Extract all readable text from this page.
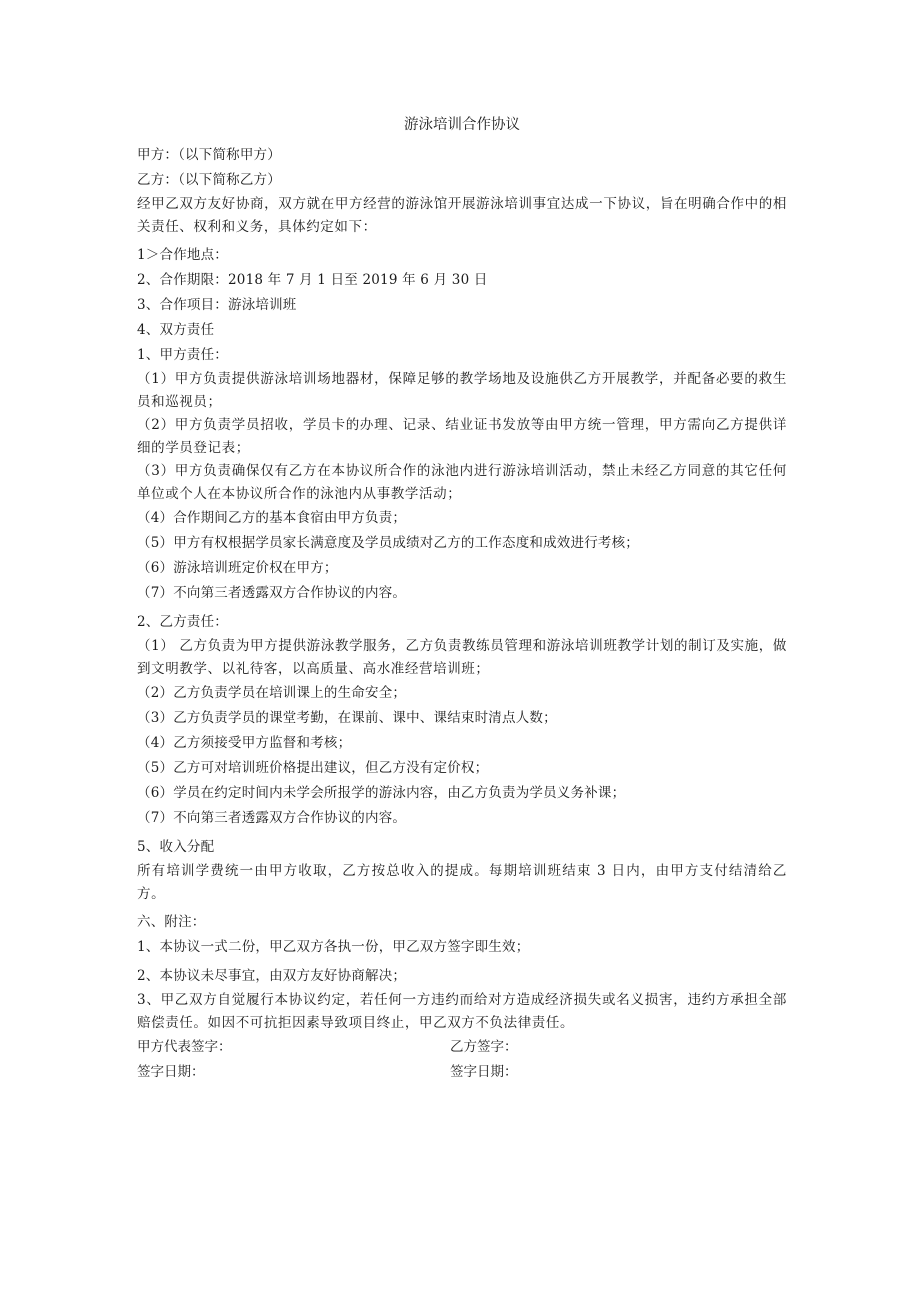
游泳培训合作协议

甲方：（以下简称甲方）

乙方：（以下简称乙方）

经甲乙双方友好协商，双方就在甲方经营的游泳馆开展游泳培训事宜达成一下协议，旨在明确合作中的相关责任、权利和义务，具体约定如下：

1＞合作地点：

2、合作期限：2018 年 7 月 1 日至 2019 年 6 月 30 日

3、合作项目：游泳培训班

4、双方责任

1、甲方责任：

（1）甲方负责提供游泳培训场地器材，保障足够的教学场地及设施供乙方开展教学，并配备必要的救生员和巡视员；

（2）甲方负责学员招收，学员卡的办理、记录、结业证书发放等由甲方统一管理，甲方需向乙方提供详细的学员登记表；

（3）甲方负责确保仅有乙方在本协议所合作的泳池内进行游泳培训活动，禁止未经乙方同意的其它任何单位或个人在本协议所合作的泳池内从事教学活动；

（4）合作期间乙方的基本食宿由甲方负责；

（5）甲方有权根据学员家长满意度及学员成绩对乙方的工作态度和成效进行考核；

（6）游泳培训班定价权在甲方；

（7）不向第三者透露双方合作协议的内容。

2、乙方责任：

（1） 乙方负责为甲方提供游泳教学服务，乙方负责教练员管理和游泳培训班教学计划的制订及实施，做到文明教学、以礼待客，以高质量、高水准经营培训班；

（2）乙方负责学员在培训课上的生命安全；

（3）乙方负责学员的课堂考勤，在课前、课中、课结束时清点人数；

（4）乙方须接受甲方监督和考核；

（5）乙方可对培训班价格提出建议，但乙方没有定价权；

（6）学员在约定时间内未学会所报学的游泳内容，由乙方负责为学员义务补课；

（7）不向第三者透露双方合作协议的内容。

5、收入分配

所有培训学费统一由甲方收取，乙方按总收入的提成。每期培训班结束 3 日内，由甲方支付结清给乙方。

六、附注：

1、本协议一式二份，甲乙双方各执一份，甲乙双方签字即生效；

2、本协议未尽事宜，由双方友好协商解决；

3、甲乙双方自觉履行本协议约定，若任何一方违约而给对方造成经济损失或名义损害，违约方承担全部赔偿责任。如因不可抗拒因素导致项目终止，甲乙双方不负法律责任。

甲方代表签字：	乙方签字：
签字日期：	签字日期：
